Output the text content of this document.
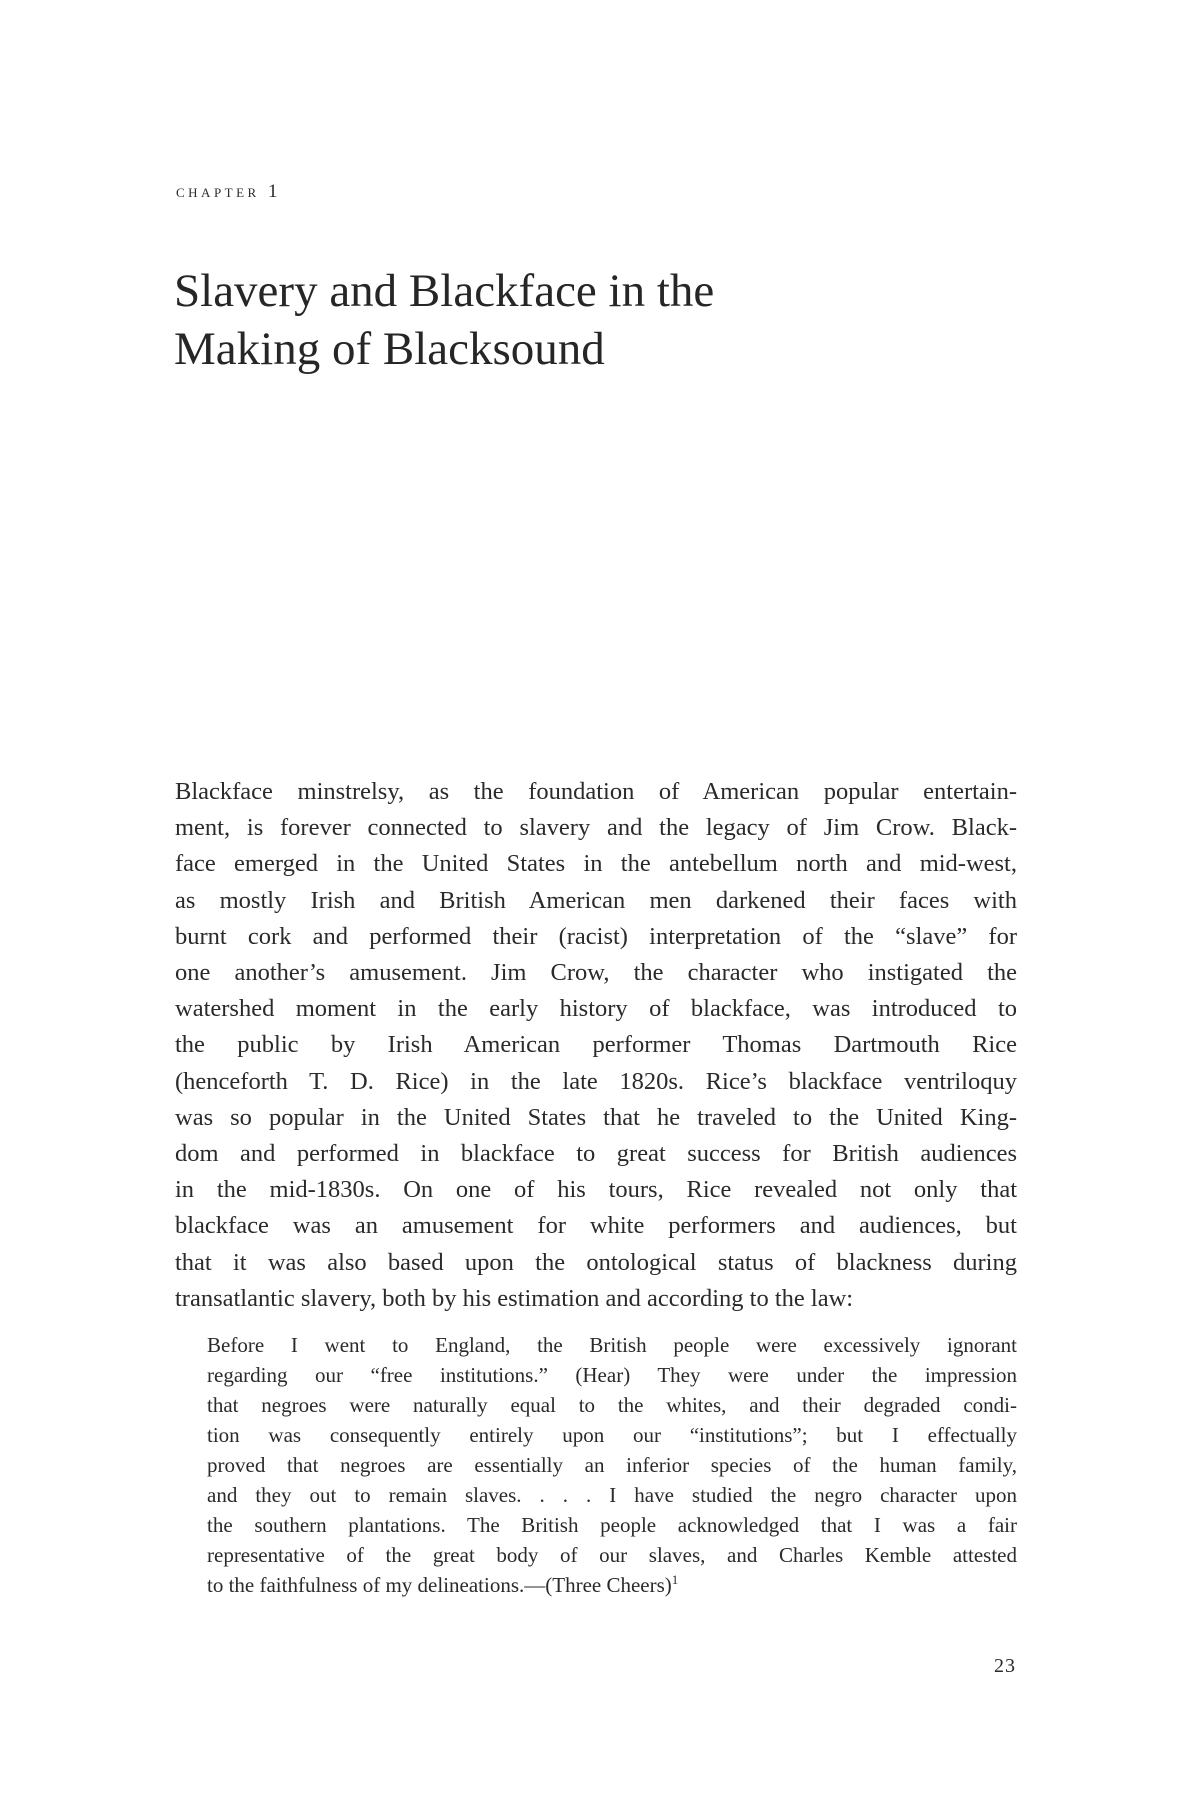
chapter 1
Slavery and Blackface in the
Making of Blacksound
Blackface minstrelsy, as the foundation of American popular entertain-
ment, is forever connected to slavery and the legacy of Jim Crow. Black-
face emerged in the United States in the antebellum north and mid-west,
as mostly Irish and British American men darkened their faces with
burnt cork and performed their (racist) interpretation of the “slave” for
one another’s amusement. Jim Crow, the character who instigated the
watershed moment in the early history of blackface, was introduced to
the public by Irish American performer Thomas Dartmouth Rice
(henceforth T. D. Rice) in the late 1820s. Rice’s blackface ventriloquy
was so popular in the United States that he traveled to the United King-
dom and performed in blackface to great success for British audiences
in the mid-1830s. On one of his tours, Rice revealed not only that
blackface was an amusement for white performers and audiences, but
that it was also based upon the ontological status of blackness during
transatlantic slavery, both by his estimation and according to the law:
Before I went to England, the British people were excessively ignorant
regarding our “free institutions.” (Hear) They were under the impression
that negroes were naturally equal to the whites, and their degraded condi-
tion was consequently entirely upon our “institutions”; but I effectually
proved that negroes are essentially an inferior species of the human family,
and they out to remain slaves. . . . I have studied the negro character upon
the southern plantations. The British people acknowledged that I was a fair
representative of the great body of our slaves, and Charles Kemble attested
to the faithfulness of my delineations.—(Three Cheers)$^1$
23
